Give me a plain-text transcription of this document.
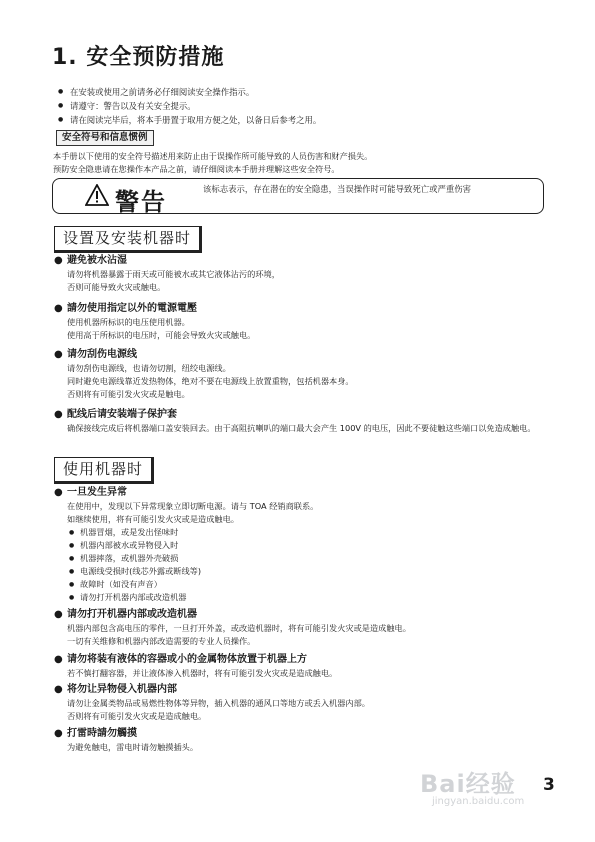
1. 安全预防措施
● 在安装或使用之前请务必仔细阅读安全操作指示。
● 请遵守：警告以及有关安全提示。
● 请在阅读完毕后，将本手册置于取用方便之处，以备日后参考之用。
安全符号和信息惯例
本手册以下使用的安全符号描述用来防止由于误操作所可能导致的人员伤害和财产损失。
预防安全隐患请在您操作本产品之前，请仔细阅读本手册并理解这些安全符号。
警告	该标志表示，存在潜在的安全隐患，当误操作时可能导致死亡或严重伤害
设置及安装机器时
● 避免被水沾湿

请勿将机器暴露于雨天或可能被水或其它液体沾污的环境，

否则可能导致火灾或触电。

● 請勿使用指定以外的電源電壓

使用机器所标识的电压使用机器。

使用高于所标识的电压时，可能会导致火灾或触电。

● 请勿刮伤电源线

请勿刮伤电源线，也请勿切割，纽绞电源线。

同时避免电源线靠近发热物体，绝对不要在电源线上放置重物，包括机器本身。

否则将有可能引发火灾或是触电。

● 配线后请安装端子保护套

确保接线完成后将机器端口盖安装回去。由于高阻抗喇叭的端口最大会产生 100V 的电压，因此不要徒触这些端口以免造成触电。

使用机器时
● 一旦发生异常

在使用中，发现以下异常现象立即切断电源。请与 TOA 经销商联系。

如继续使用，将有可能引发火灾或是造成触电。

● 机器冒烟，或是发出怪味时
● 机器内部被水或异物侵入时
● 机器摔落，或机器外壳破损
● 电源线受损时(线芯外露或断线等)
● 故障时（如没有声音）
● 请勿打开机器内部或改造机器
● 请勿打开机器内部或改造机器

机器内部包含高电压的零件，一旦打开外盖，或改造机器时，将有可能引发火灾或是造成触电。

一切有关维修和机器内部改造需要的专业人员操作。

● 请勿将装有液体的容器或小的金属物体放置于机器上方

若不慎打翻容器，并让液体渗入机器时，将有可能引发火灾或是造成触电。

● 将勿让异物侵入机器内部

请勿让金属类物品或易燃性物体等异物，插入机器的通风口等地方或丢入机器内部。

否则将有可能引发火灾或是造成触电。

● 打雷時請勿觸摸

为避免触电，雷电时请勿触摸插头。

Bai经验
jingyan.baidu.com
3
